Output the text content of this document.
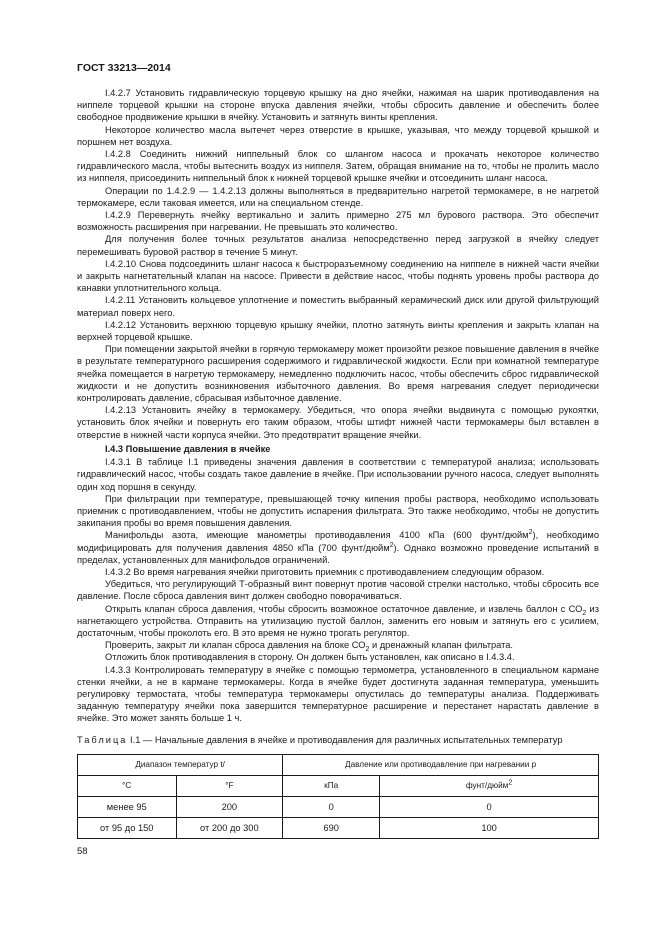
ГОСТ 33213—2014

I.4.2.7 Установить гидравлическую торцевую крышку на дно ячейки, нажимая на шарик противодавления на ниппеле торцевой крышки на стороне впуска давления ячейки, чтобы сбросить давление и обеспечить более свободное продвижение крышки в ячейку. Установить и затянуть винты крепления.

Некоторое количество масла вытечет через отверстие в крышке, указывая, что между торцевой крышкой и поршнем нет воздуха.

I.4.2.8 Соединить нижний ниппельный блок со шлангом насоса и прокачать некоторое количество гидравлического масла, чтобы вытеснить воздух из ниппеля. Затем, обращая внимание на то, чтобы не пролить масло из ниппеля, присоединить ниппельный блок к нижней торцевой крышке ячейки и отсоединить шланг насоса.

Операции по 1.4.2.9 — 1.4.2.13 должны выполняться в предварительно нагретой термокамере, в не нагретой термокамере, если таковая имеется, или на специальном стенде.

I.4.2.9 Перевернуть ячейку вертикально и залить примерно 275 мл бурового раствора. Это обеспечит возможность расширения при нагревании. Не превышать это количество.

Для получения более точных результатов анализа непосредственно перед загрузкой в ячейку следует перемешивать буровой раствор в течение 5 минут.

I.4.2.10 Снова подсоединить шланг насоса к быстроразъемному соединению на ниппеле в нижней части ячейки и закрыть нагнетательный клапан на насосе. Привести в действие насос, чтобы поднять уровень пробы раствора до канавки уплотнительного кольца.

I.4.2.11 Установить кольцевое уплотнение и поместить выбранный керамический диск или другой фильтрующий материал поверх него.

I.4.2.12 Установить верхнюю торцевую крышку ячейки, плотно затянуть винты крепления и закрыть клапан на верхней торцевой крышке.

При помещении закрытой ячейки в горячую термокамеру может произойти резкое повышение давления в ячейке в результате температурного расширения содержимого и гидравлической жидкости. Если при комнатной температуре ячейка помещается в нагретую термокамеру, немедленно подключить насос, чтобы обеспечить сброс гидравлической жидкости и не допустить возникновения избыточного давления. Во время нагревания следует периодически контролировать давление, сбрасывая избыточное давление.

I.4.2.13 Установить ячейку в термокамеру. Убедиться, что опора ячейки выдвинута с помощью рукоятки, установить блок ячейки и повернуть его таким образом, чтобы штифт нижней части термокамеры был вставлен в отверстие в нижней части корпуса ячейки. Это предотвратит вращение ячейки.

I.4.3 Повышение давления в ячейке

I.4.3.1 В таблице I.1 приведены значения давления в соответствии с температурой анализа; использовать гидравлический насос, чтобы создать такое давление в ячейке. При использовании ручного насоса, следует выполнять один ход поршня в секунду.

При фильтрации при температуре, превышающей точку кипения пробы раствора, необходимо использовать приемник с противодавлением, чтобы не допустить испарения фильтрата. Это также необходимо, чтобы не допустить закипания пробы во время повышения давления.

Манифольды азота, имеющие манометры противодавления 4100 кПа (600 фунт/дюйм$^2$), необходимо модифицировать для получения давления 4850 кПа (700 фунт/дюйм$^2$). Однако возможно проведение испытаний в пределах, установленных для манифольдов ограничений.

I.4.3.2 Во время нагревания ячейки приготовить приемник с противодавлением следующим образом.

Убедиться, что регулирующий Т-образный винт повернут против часовой стрелки настолько, чтобы сбросить все давление. После сброса давления винт должен свободно поворачиваться.

Открыть клапан сброса давления, чтобы сбросить возможное остаточное давление, и извлечь баллон с $СО_2$ из нагнетающего устройства. Отправить на утилизацию пустой баллон, заменить его новым и затянуть его с усилием, достаточным, чтобы проколоть его. В это время не нужно трогать регулятор.

Проверить, закрыт ли клапан сброса давления на блоке $СО_2$ и дренажный клапан фильтрата.

Отложить блок противодавления в сторону. Он должен быть установлен, как описано в I.4.3.4.

I.4.3.3 Контролировать температуру в ячейке с помощью термометра, установленного в специальном кармане стенки ячейки, а не в кармане термокамеры. Когда в ячейке будет достигнута заданная температура, уменьшить регулировку термостата, чтобы температура термокамеры опустилась до температуры анализа. Поддерживать заданную температуру ячейки пока завершится температурное расширение и перестанет нарастать давление в ячейке. Это может занять больше 1 ч.

Таблица I.1 — Начальные давления в ячейке и противодавления для различных испытательных температур
Диапазон температур t/		Давление или противодавление при нагревании p	
°С	°F	кПа	фунт/дюйм$^2$
менее 95	200	0	0
от 95 до 150	от 200 до 300	690	100
58
